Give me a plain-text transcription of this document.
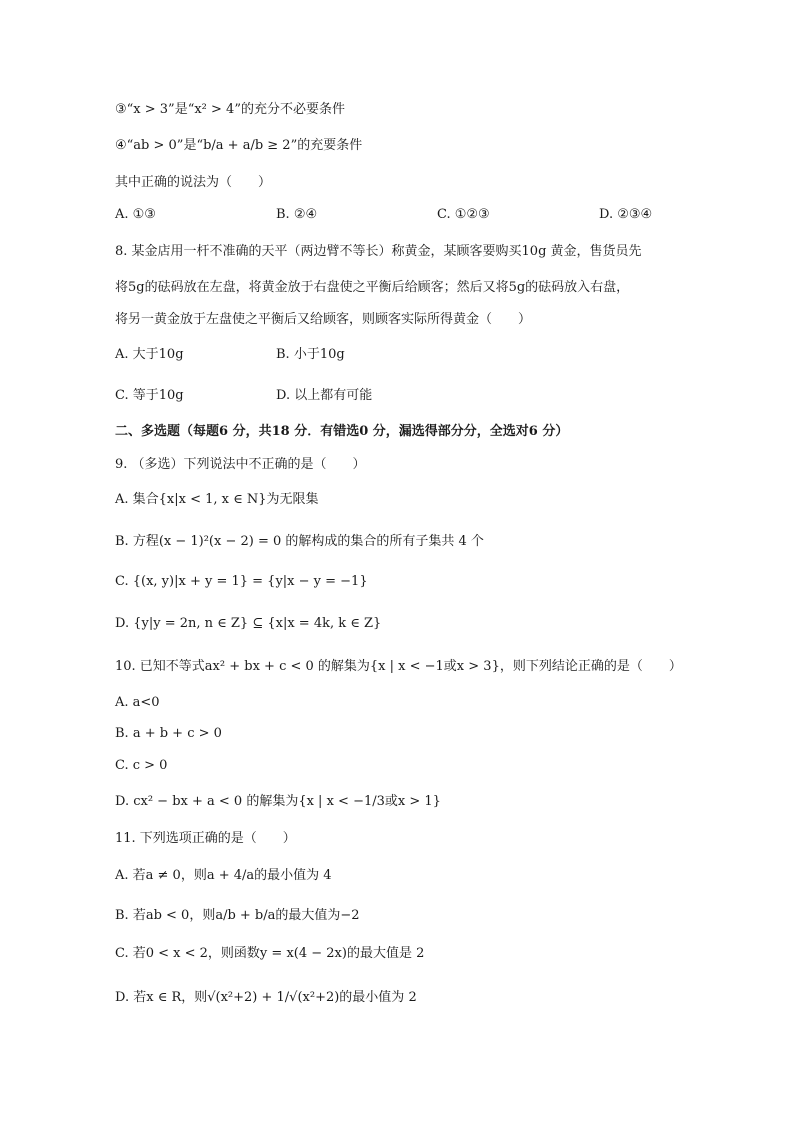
③“x > 3”是“x² > 4”的充分不必要条件
④“ab > 0”是“b/a + a/b ≥ 2”的充要条件
其中正确的说法为（　　）
A. ①③	B. ②④	C. ①②③	D. ②③④
8. 某金店用一杆不准确的天平（两边臂不等长）称黄金，某顾客要购买10g 黄金，售货员先
将5g的砝码放在左盘，将黄金放于右盘使之平衡后给顾客；然后又将5g的砝码放入右盘，
将另一黄金放于左盘使之平衡后又给顾客，则顾客实际所得黄金（　　）
A. 大于10g	B. 小于10g
C. 等于10g	D. 以上都有可能
二、多选题（每题6 分，共18 分．有错选0 分，漏选得部分分，全选对6 分）
9. （多选）下列说法中不正确的是（　　）
A. 集合{x|x < 1, x ∈ N}为无限集
B. 方程(x − 1)²(x − 2) = 0 的解构成的集合的所有子集共 4 个
C. {(x, y)|x + y = 1} = {y|x − y = −1}
D. {y|y = 2n, n ∈ Z} ⊆ {x|x = 4k, k ∈ Z}
10. 已知不等式ax² + bx + c < 0 的解集为{x | x < −1或x > 3}，则下列结论正确的是（　　）
A. a<0
B. a + b + c > 0
C. c > 0
D. cx² − bx + a < 0 的解集为{x | x < −1/3或x > 1}
11. 下列选项正确的是（　　）
A. 若a ≠ 0，则a + 4/a的最小值为 4
B. 若ab < 0，则a/b + b/a的最大值为−2
C. 若0 < x < 2，则函数y = x(4 − 2x)的最大值是 2
D. 若x ∈ R，则√(x²+2) + 1/√(x²+2)的最小值为 2
